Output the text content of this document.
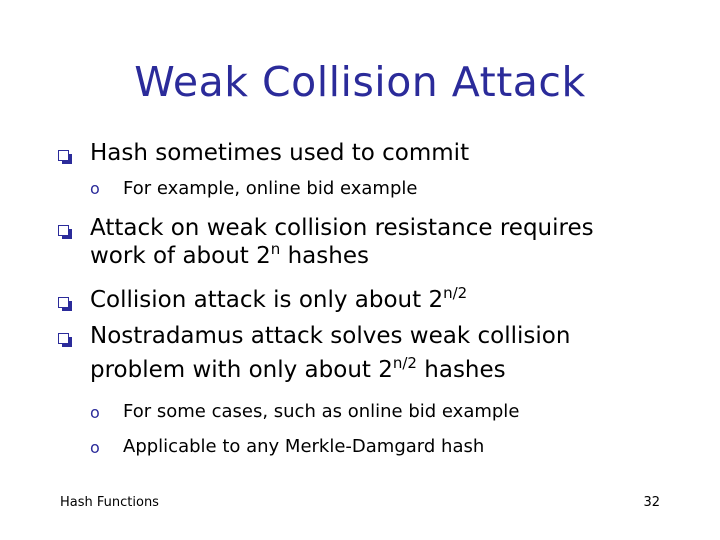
Weak Collision Attack
Hash sometimes used to commit
o For example, online bid example
Attack on weak collision resistance requires
work of about 2$^n$ hashes
Collision attack is only about $2^{n/2}$
Nostradamus attack solves weak collision
problem with only about $2^{n/2}$ hashes
o For some cases, such as online bid example
o Applicable to any Merkle-Damgard hash
Hash Functions	32
